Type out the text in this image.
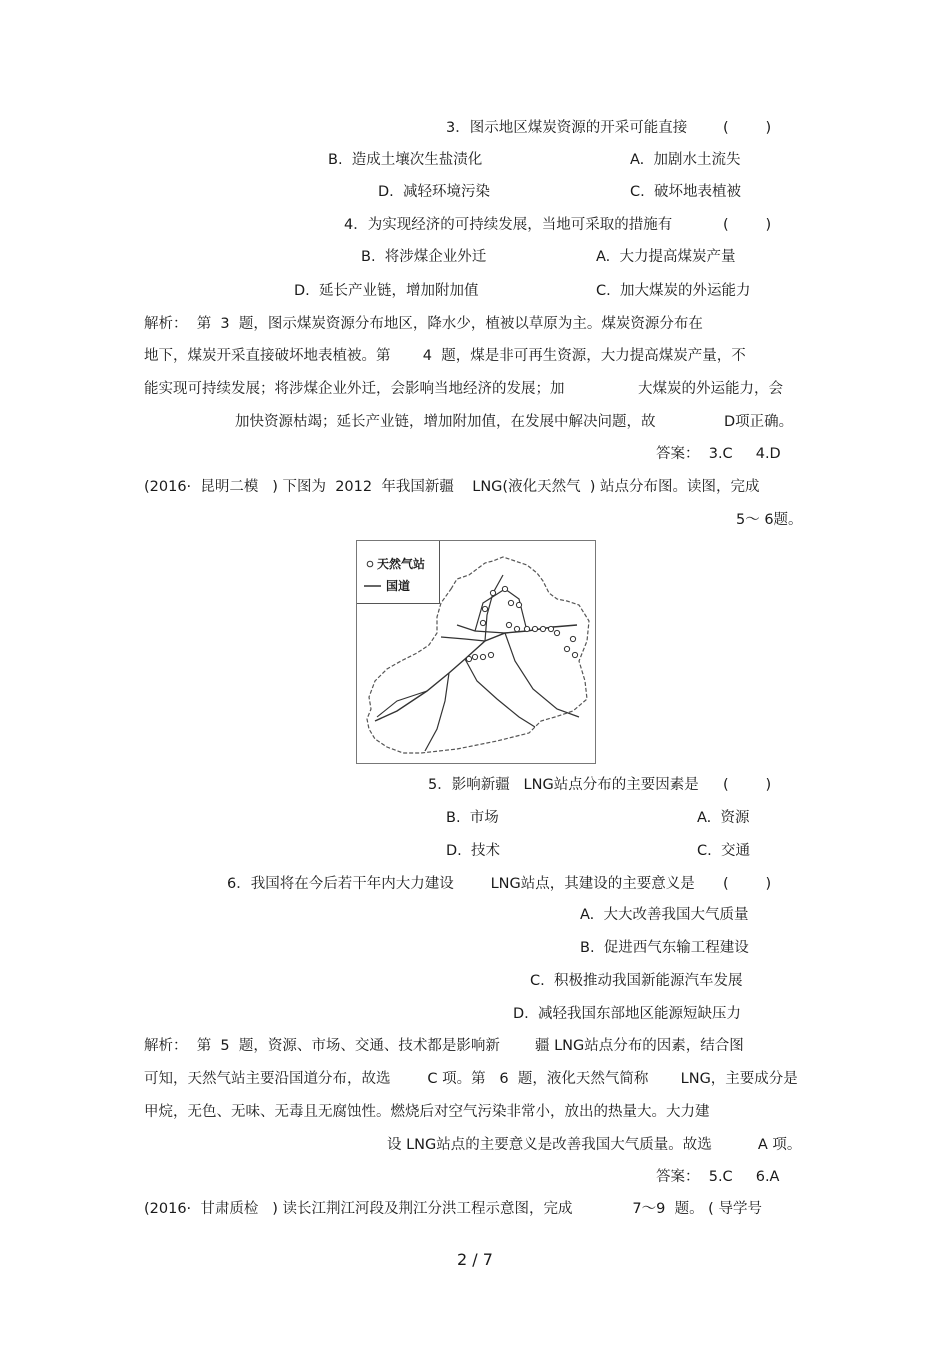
3．图示地区煤炭资源的开采可能直接 (        )
B.  造成土壤次生盐渍化	A.  加剧水土流失
D.  减轻环境污染	C.  破坏地表植被
4．为实现经济的可持续发展，当地可采取的措施有	(        )
B.  将涉煤企业外迁	A.  大力提高煤炭产量
D.  延长产业链，增加附加值	C.  加大煤炭的外运能力
解析：  第  3  题，图示煤炭资源分布地区，降水少，植被以草原为主。煤炭资源分布在
地下，煤炭开采直接破坏地表植被。第       4  题，煤是非可再生资源，大力提高煤炭产量，不
能实现可持续发展；将涉煤企业外迁，会影响当地经济的发展；加	大煤炭的外运能力，会
加快资源枯竭；延长产业链，增加附加值，在发展中解决问题，故	D项正确。
答案：  3.C     4.D
(2016·  昆明二模   ) 下图为  2012  年我国新疆    LNG(液化天然气  ) 站点分布图。读图，完成
5～ 6题。
天然气站
国道
5．影响新疆   LNG站点分布的主要因素是 (        )
B.  市场	A.  资源
D.  技术	C.  交通
6．我国将在今后若干年内大力建设        LNG站点，其建设的主要意义是 (        )
A.  大大改善我国大气质量
B.  促进西气东输工程建设
C.  积极推动我国新能源汽车发展
D.  减轻我国东部地区能源短缺压力
解析：  第  5  题，资源、市场、交通、技术都是影响新 疆 LNG站点分布的因素，结合图
可知，天然气站主要沿国道分布，故选        C 项。第   6  题，液化天然气简称       LNG，主要成分是
甲烷，无色、无味、无毒且无腐蚀性。燃烧后对空气污染非常小，放出的热量大。大力建
设 LNG站点的主要意义是改善我国大气质量。故选          A 项。
答案：  5.C     6.A
(2016·  甘肃质检   ) 读长江荆江河段及荆江分洪工程示意图，完成             7～9  题。 ( 导学号
2 / 7
